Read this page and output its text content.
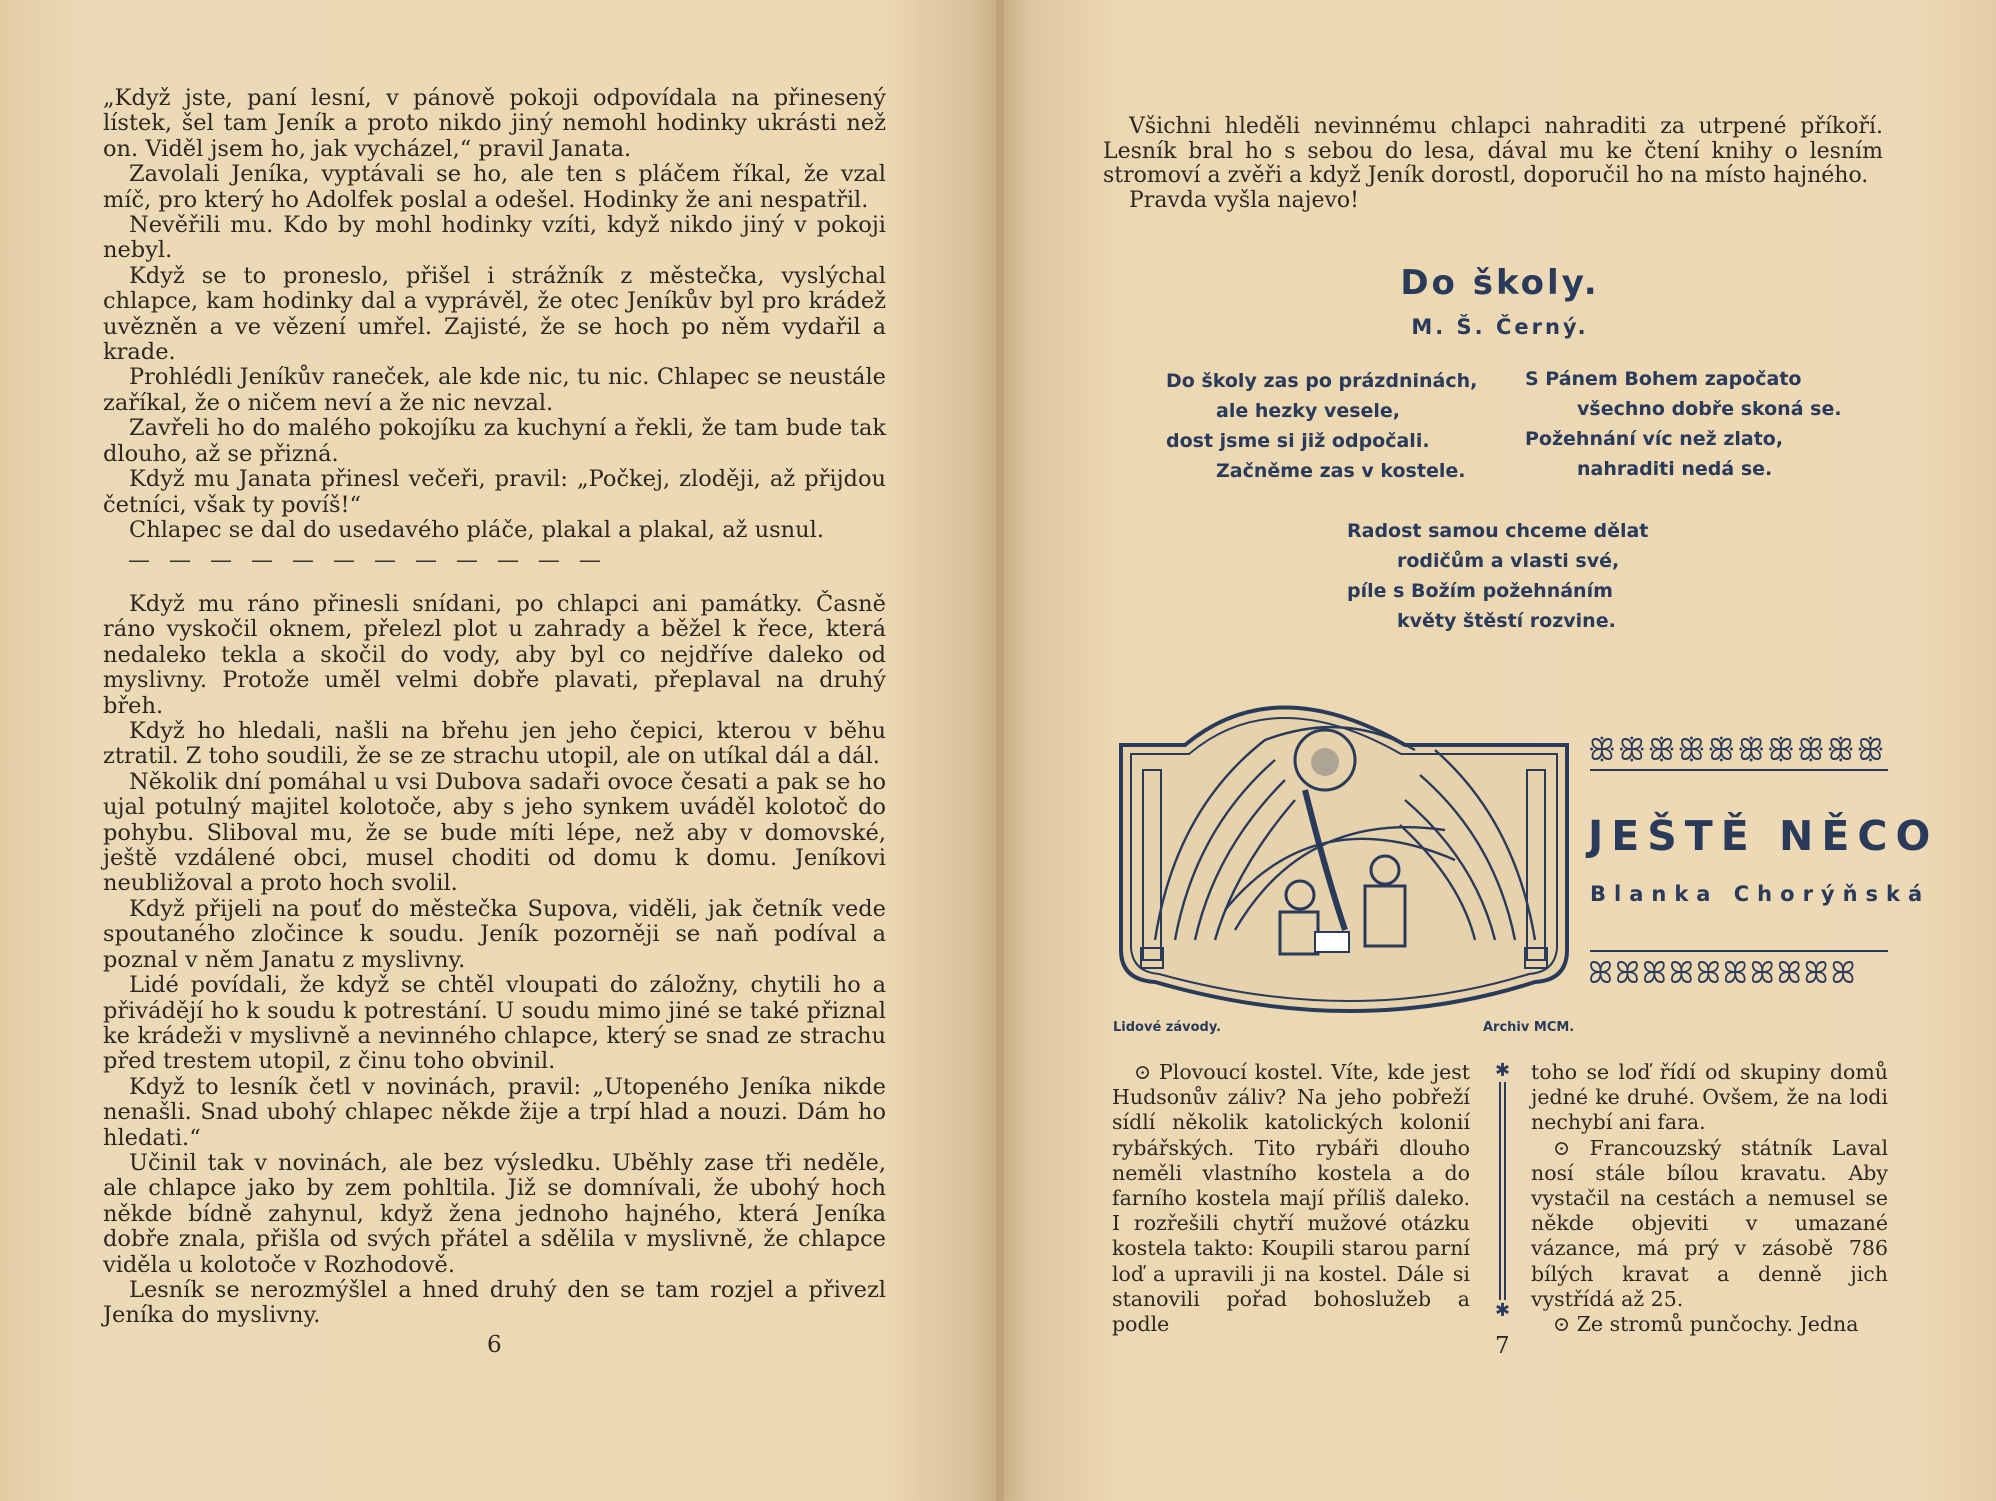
„Když jste, paní lesní, v pánově pokoji odpovídala na přinesený lístek, šel tam Jeník a proto nikdo jiný nemohl hodinky ukrásti než on. Viděl jsem ho, jak vycházel,“ pravil Janata.

Zavolali Jeníka, vyptávali se ho, ale ten s pláčem říkal, že vzal míč, pro který ho Adolfek poslal a odešel. Hodinky že ani nespatřil.

Nevěřili mu. Kdo by mohl hodinky vzíti, když nikdo jiný v pokoji nebyl.

Když se to proneslo, přišel i strážník z městečka, vyslýchal chlapce, kam hodinky dal a vyprávěl, že otec Jeníkův byl pro krádež uvězněn a ve vězení umřel. Zajisté, že se hoch po něm vydařil a krade.

Prohlédli Jeníkův raneček, ale kde nic, tu nic. Chlapec se neustále zaříkal, že o ničem neví a že nic nevzal.

Zavřeli ho do malého pokojíku za kuchyní a řekli, že tam bude tak dlouho, až se přizná.

Když mu Janata přinesl večeři, pravil: „Počkej, zloději, až přijdou četníci, však ty povíš!“

Chlapec se dal do usedavého pláče, plakal a plakal, až usnul.

— — — — — — — — — — — —

Když mu ráno přinesli snídani, po chlapci ani památky. Časně ráno vyskočil oknem, přelezl plot u zahrady a běžel k řece, která nedaleko tekla a skočil do vody, aby byl co nejdříve daleko od myslivny. Protože uměl velmi dobře plavati, přeplaval na druhý břeh.

Když ho hledali, našli na břehu jen jeho čepici, kterou v běhu ztratil. Z toho soudili, že se ze strachu utopil, ale on utíkal dál a dál.

Několik dní pomáhal u vsi Dubova sadaři ovoce česati a pak se ho ujal potulný majitel kolotoče, aby s jeho synkem uváděl kolotoč do pohybu. Sliboval mu, že se bude míti lépe, než aby v domovské, ještě vzdálené obci, musel choditi od domu k domu. Jeníkovi neubližoval a proto hoch svolil.

Když přijeli na pouť do městečka Supova, viděli, jak četník vede spoutaného zločince k soudu. Jeník pozorněji se naň podíval a poznal v něm Janatu z myslivny.

Lidé povídali, že když se chtěl vloupati do záložny, chytili ho a přivádějí ho k soudu k potrestání. U soudu mimo jiné se také přiznal ke krádeži v myslivně a nevinného chlapce, který se snad ze strachu před trestem utopil, z činu toho obvinil.

Když to lesník četl v novinách, pravil: „Utopeného Jeníka nikde nenašli. Snad ubohý chlapec někde žije a trpí hlad a nouzi. Dám ho hledati.“

Učinil tak v novinách, ale bez výsledku. Uběhly zase tři neděle, ale chlapce jako by zem pohltila. Již se domnívali, že ubohý hoch někde bídně zahynul, když žena jednoho hajného, která Jeníka dobře znala, přišla od svých přátel a sdělila v myslivně, že chlapce viděla u kolotoče v Rozhodově.

Lesník se nerozmýšlel a hned druhý den se tam rozjel a přivezl Jeníka do myslivny.

6

Všichni hleděli nevinnému chlapci nahraditi za utrpené příkoří. Lesník bral ho s sebou do lesa, dával mu ke čtení knihy o lesním stromoví a zvěři a když Jeník dorostl, doporučil ho na místo hajného.

Pravda vyšla najevo!

Do školy.
M. Š. Černý.
Do školy zas po prázdninách,
ale hezky vesele,
dost jsme si již odpočali.
Začněme zas v kostele.
S Pánem Bohem započato
všechno dobře skoná se.
Požehnání víc než zlato,
nahraditi nedá se.
Radost samou chceme dělat
rodičům a vlasti své,
píle s Božím požehnáním
květy štěstí rozvine.
Lidové závody.	Archiv MCM.
ꕥꕥꕥꕥꕥꕥꕥꕥꕥꕥ
JEŠTĚ NĚCO
Blanka Chorýňská
ꕤꕤꕤꕤꕤꕤꕤꕤꕤꕤ

⊙ Plovoucí kostel. Víte, kde jest Hudsonův záliv? Na jeho pobřeží sídlí několik katolických kolonií rybářských. Tito rybáři dlouho neměli vlastního kostela a do farního kostela mají příliš daleko. I rozřešili chytří mužové otázku kostela takto: Koupili starou parní loď a upravili ji na kostel. Dále si stanovili pořad bohoslužeb a podle

✱
✱

toho se loď řídí od skupiny domů jedné ke druhé. Ovšem, že na lodi nechybí ani fara.

⊙ Francouzský státník Laval nosí stále bílou kravatu. Aby vystačil na cestách a nemusel se někde objeviti v umazané vázance, má prý v zásobě 786 bílých kravat a denně jich vystřídá až 25.

⊙ Ze stromů punčochy. Jedna

7
